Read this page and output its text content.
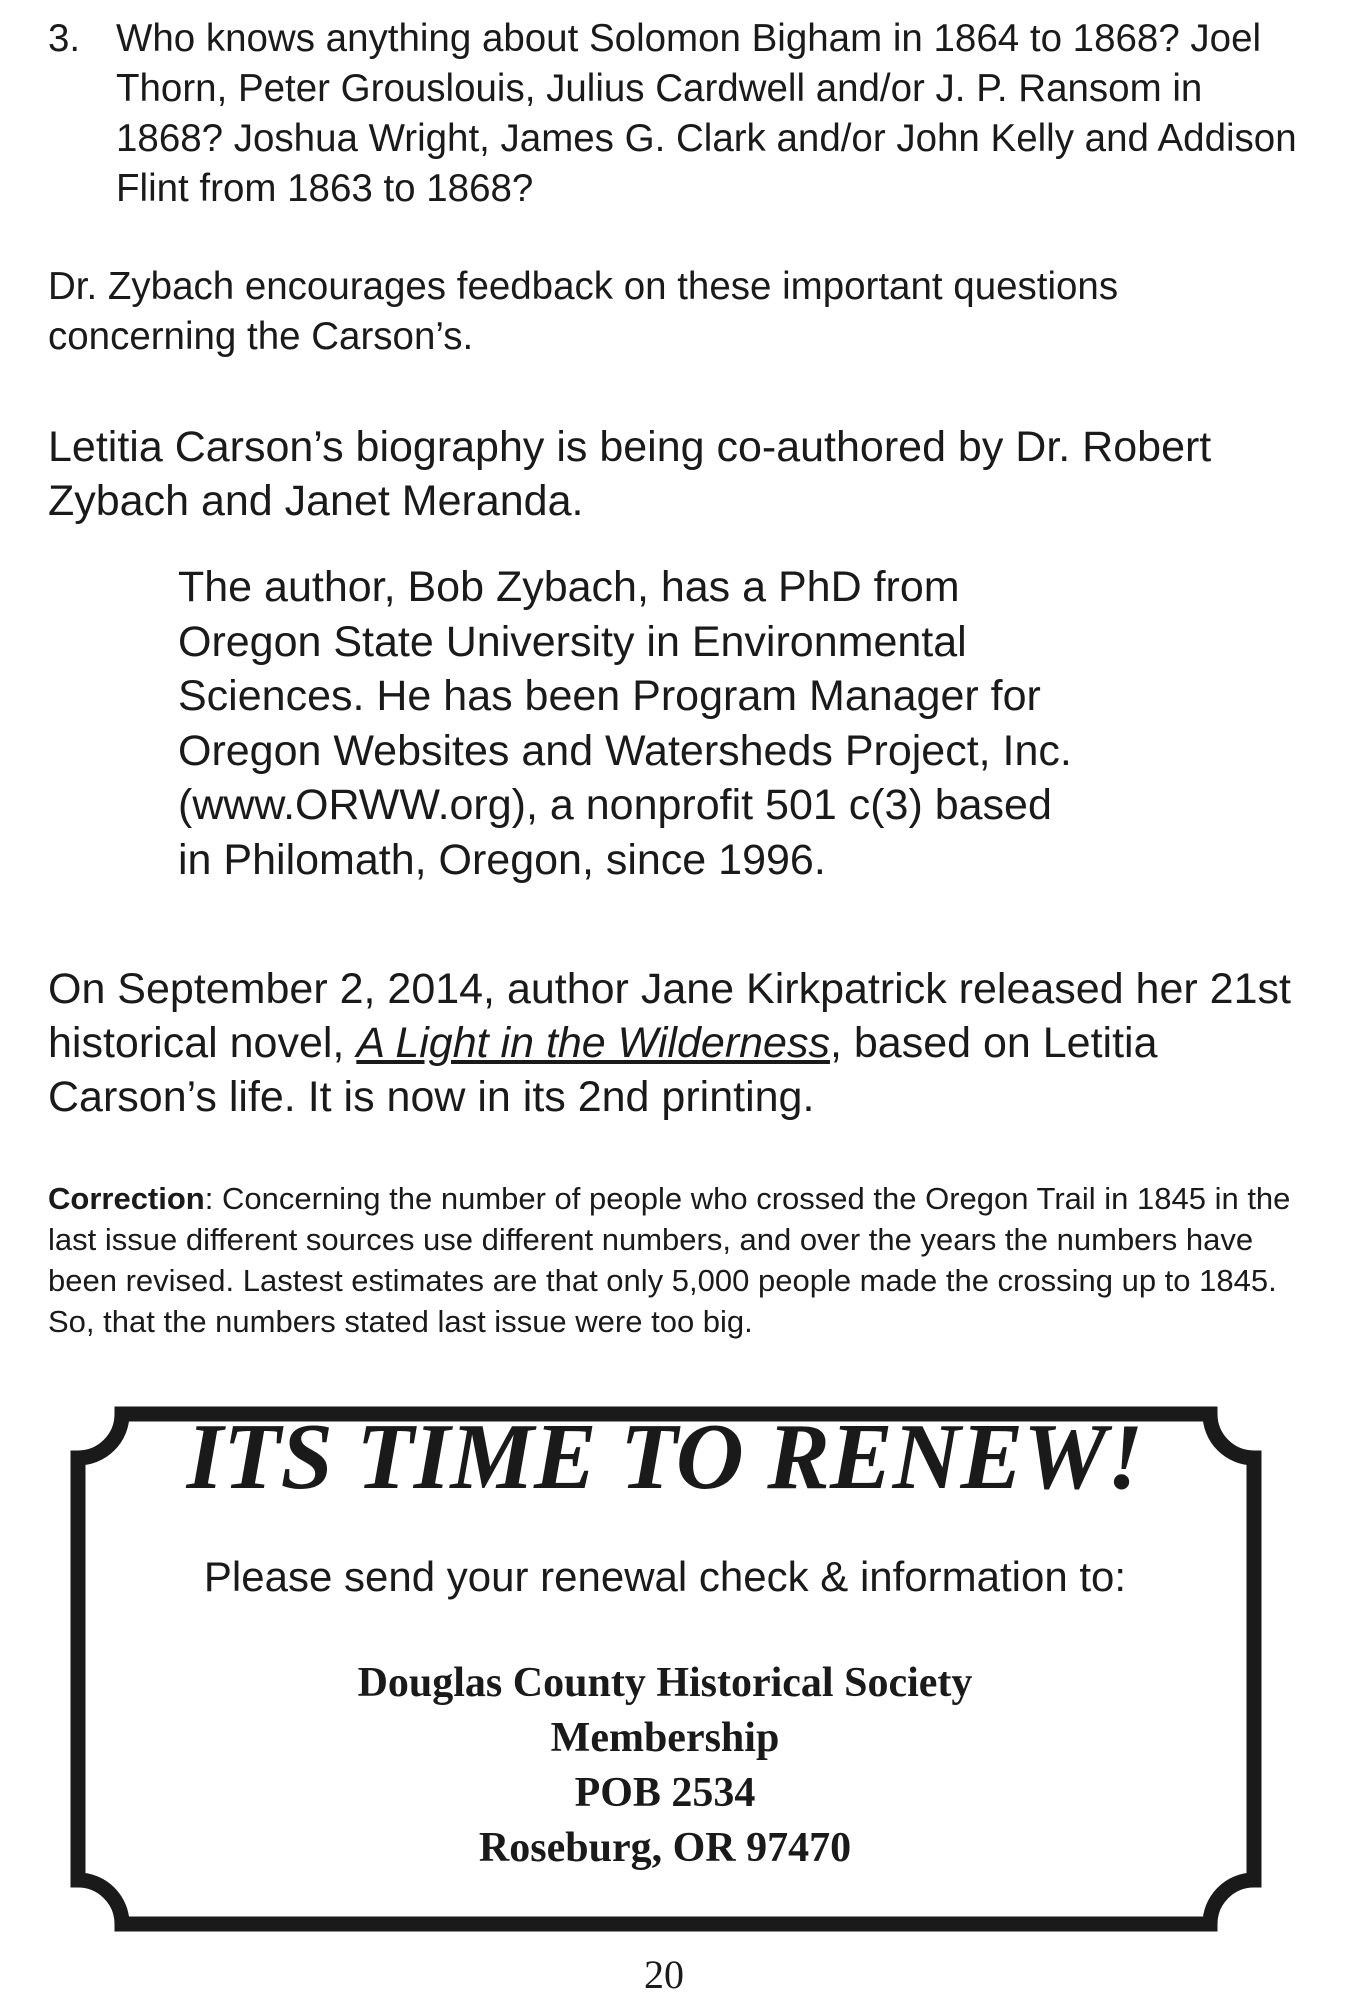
3. Who knows anything about Solomon Bigham in 1864 to 1868? Joel Thorn, Peter Grouslouis, Julius Cardwell and/or J. P. Ransom in 1868? Joshua Wright, James G. Clark and/or John Kelly and Addison Flint from 1863 to 1868?

Dr. Zybach encourages feedback on these important questions concerning the Carson’s.

Letitia Carson’s biography is being co-authored by Dr. Robert Zybach and Janet Meranda.

The author, Bob Zybach, has a PhD from Oregon State University in Environmental Sciences. He has been Program Manager for Oregon Websites and Watersheds Project, Inc. (www.ORWW.org), a nonprofit 501 c(3) based in Philomath, Oregon, since 1996.

On September 2, 2014, author Jane Kirkpatrick released her 21st historical novel, A Light in the Wilderness, based on Letitia Carson’s life. It is now in its 2nd printing.

Correction: Concerning the number of people who crossed the Oregon Trail in 1845 in the last issue different sources use different numbers, and over the years the numbers have been revised. Lastest estimates are that only 5,000 people made the crossing up to 1845. So, that the numbers stated last issue were too big.

ITS TIME TO RENEW!
Please send your renewal check & information to:
Douglas County Historical Society
Membership
POB 2534
Roseburg, OR 97470
20
